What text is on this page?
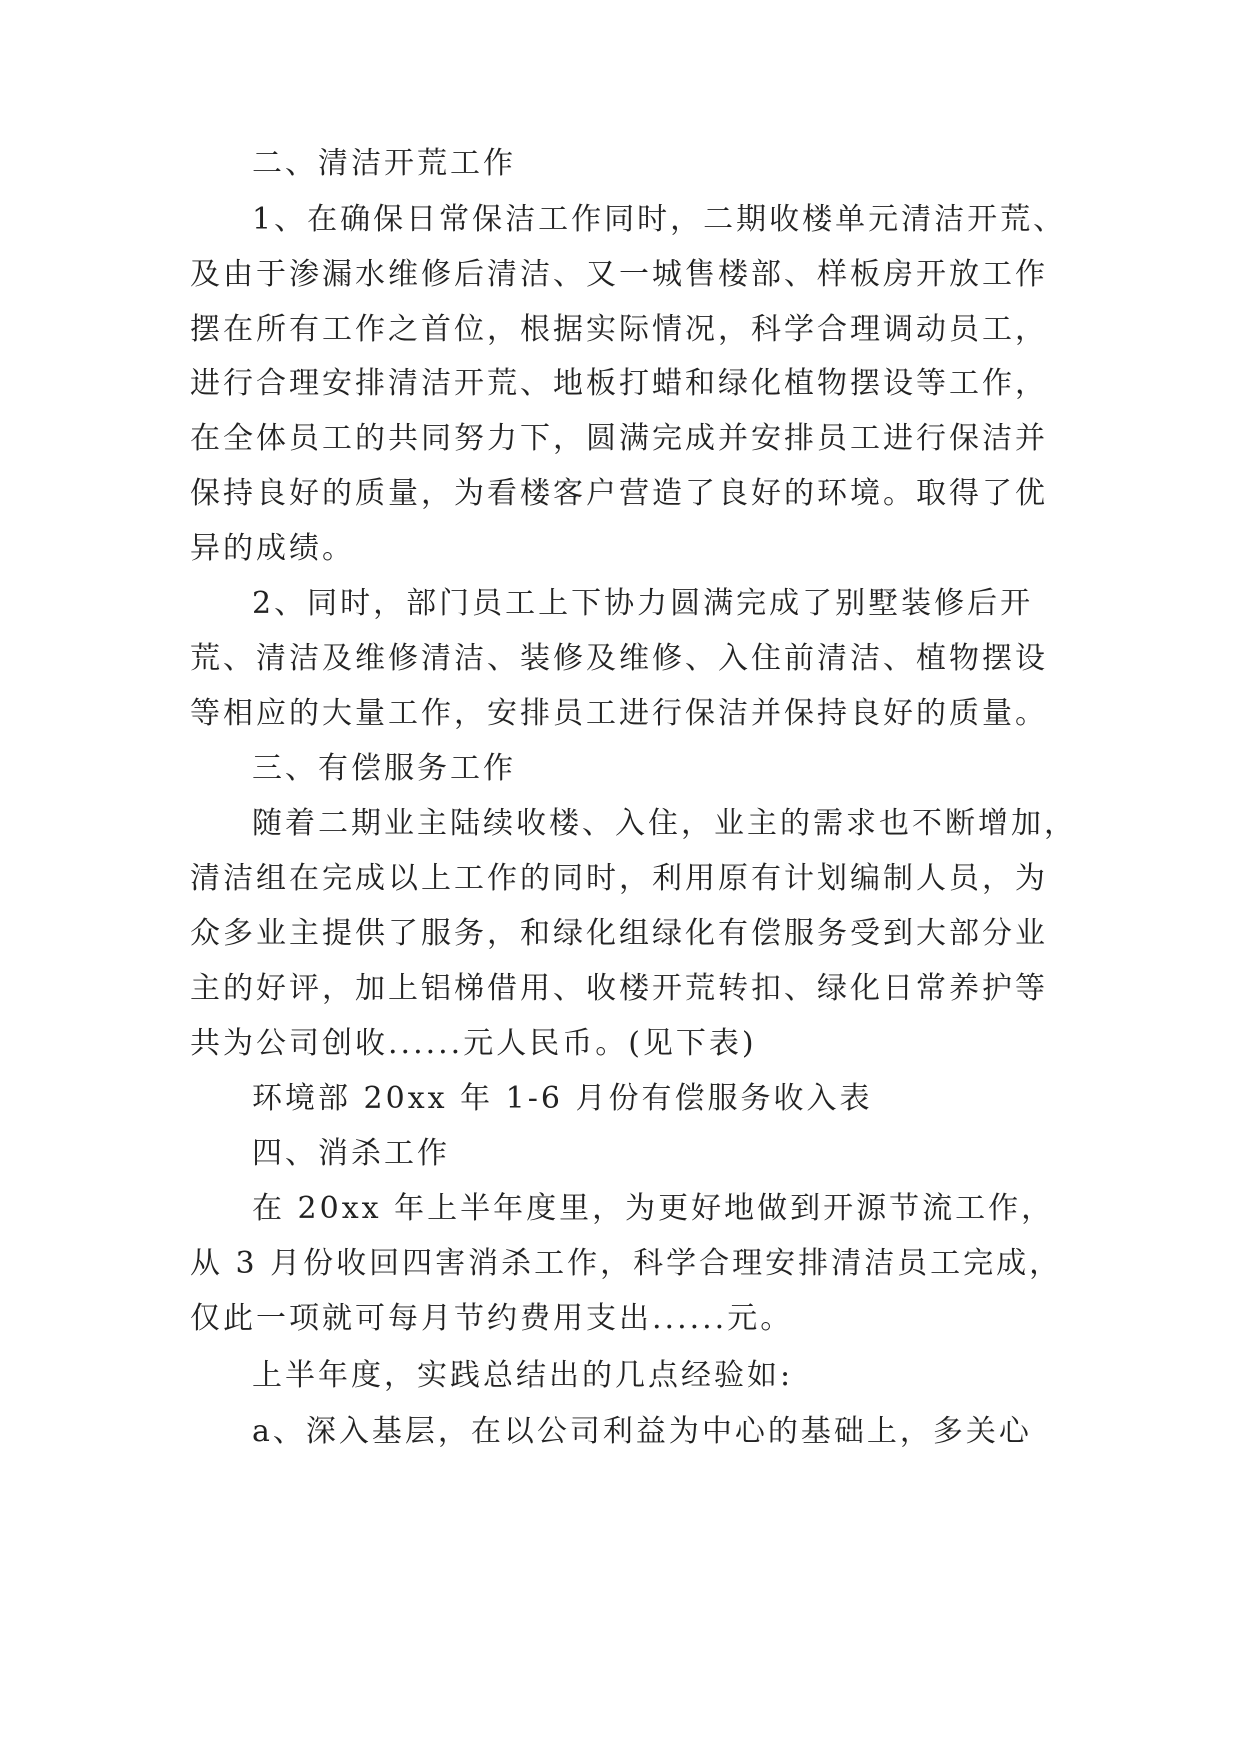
二、清洁开荒工作

1、在确保日常保洁工作同时，二期收楼单元清洁开荒、

及由于渗漏水维修后清洁、又一城售楼部、样板房开放工作

摆在所有工作之首位，根据实际情况，科学合理调动员工，

进行合理安排清洁开荒、地板打蜡和绿化植物摆设等工作，

在全体员工的共同努力下，圆满完成并安排员工进行保洁并

保持良好的质量，为看楼客户营造了良好的环境。取得了优

异的成绩。

2、同时，部门员工上下协力圆满完成了别墅装修后开

荒、清洁及维修清洁、装修及维修、入住前清洁、植物摆设

等相应的大量工作，安排员工进行保洁并保持良好的质量。

三、有偿服务工作

随着二期业主陆续收楼、入住，业主的需求也不断增加，

清洁组在完成以上工作的同时，利用原有计划编制人员，为

众多业主提供了服务，和绿化组绿化有偿服务受到大部分业

主的好评，加上铝梯借用、收楼开荒转扣、绿化日常养护等

共为公司创收......元人民币。(见下表)

环境部 20xx 年 1-6 月份有偿服务收入表

四、消杀工作

在 20xx 年上半年度里，为更好地做到开源节流工作，

从 3 月份收回四害消杀工作，科学合理安排清洁员工完成，

仅此一项就可每月节约费用支出......元。

上半年度，实践总结出的几点经验如:

a、深入基层，在以公司利益为中心的基础上，多关心
